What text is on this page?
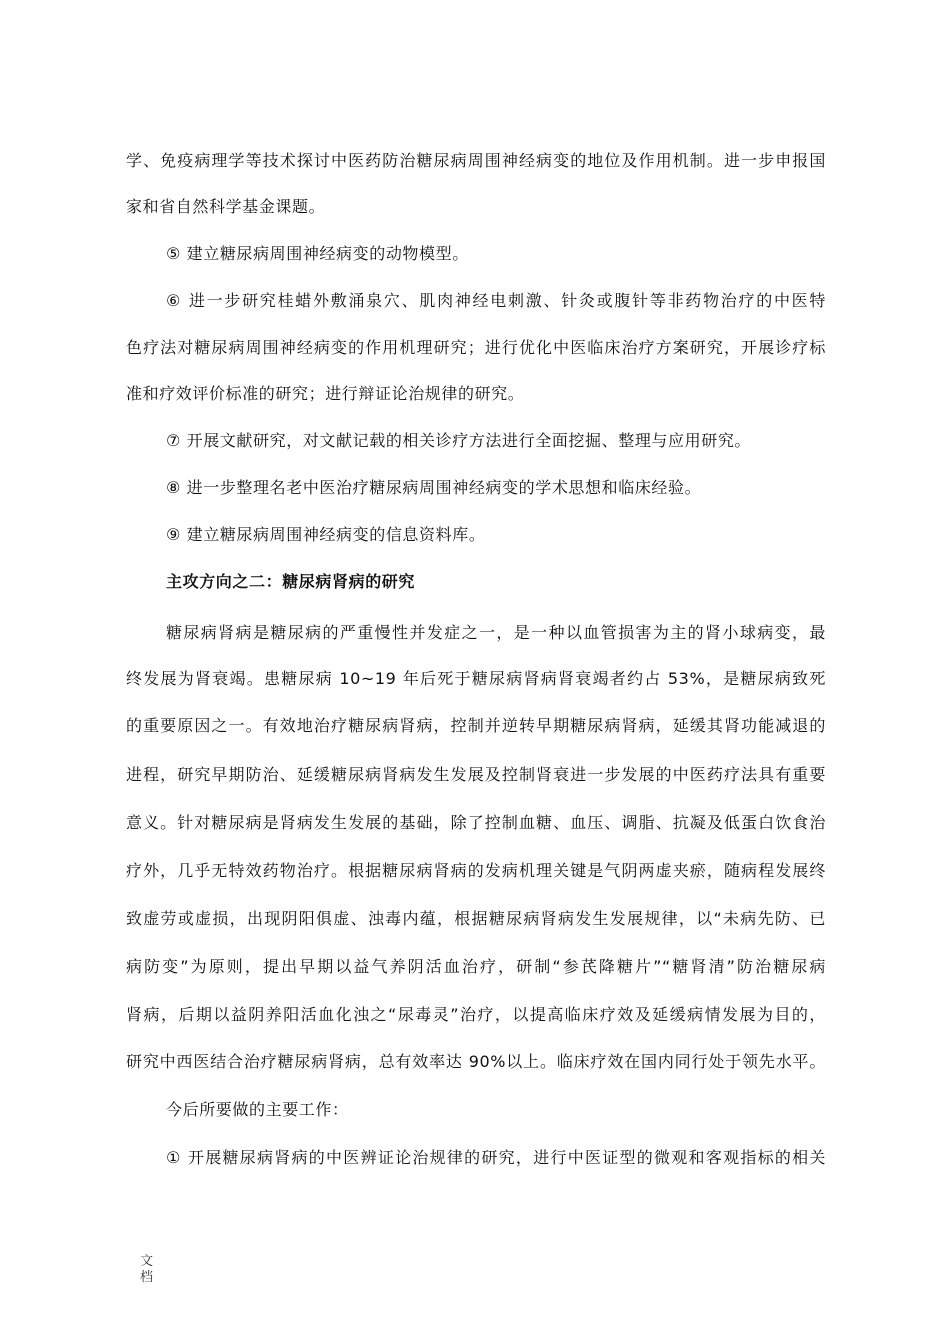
学、免疫病理学等技术探讨中医药防治糖尿病周围神经病变的地位及作用机制。进一步申报国
家和省自然科学基金课题。
⑤ 建立糖尿病周围神经病变的动物模型。
⑥ 进一步研究桂蜡外敷涌泉穴、肌肉神经电刺激、针灸或腹针等非药物治疗的中医特
色疗法对糖尿病周围神经病变的作用机理研究；进行优化中医临床治疗方案研究，开展诊疗标
准和疗效评价标准的研究；进行辩证论治规律的研究。
⑦ 开展文献研究，对文献记载的相关诊疗方法进行全面挖掘、整理与应用研究。
⑧ 进一步整理名老中医治疗糖尿病周围神经病变的学术思想和临床经验。
⑨ 建立糖尿病周围神经病变的信息资料库。
主攻方向之二：糖尿病肾病的研究
糖尿病肾病是糖尿病的严重慢性并发症之一，是一种以血管损害为主的肾小球病变，最
终发展为肾衰竭。患糖尿病 10~19 年后死于糖尿病肾病肾衰竭者约占 53%，是糖尿病致死
的重要原因之一。有效地治疗糖尿病肾病，控制并逆转早期糖尿病肾病，延缓其肾功能减退的
进程，研究早期防治、延缓糖尿病肾病发生发展及控制肾衰进一步发展的中医药疗法具有重要
意义。针对糖尿病是肾病发生发展的基础，除了控制血糖、血压、调脂、抗凝及低蛋白饮食治
疗外，几乎无特效药物治疗。根据糖尿病肾病的发病机理关键是气阴两虚夹瘀，随病程发展终
致虚劳或虚损，出现阴阳俱虚、浊毒内蕴，根据糖尿病肾病发生发展规律，以“未病先防、已
病防变”为原则，提出早期以益气养阴活血治疗，研制“参芪降糖片”“糖肾清”防治糖尿病
肾病，后期以益阴养阳活血化浊之“尿毒灵”治疗，以提高临床疗效及延缓病情发展为目的，
研究中西医结合治疗糖尿病肾病，总有效率达 90%以上。临床疗效在国内同行处于领先水平。
今后所要做的主要工作：
① 开展糖尿病肾病的中医辨证论治规律的研究，进行中医证型的微观和客观指标的相关
文档
